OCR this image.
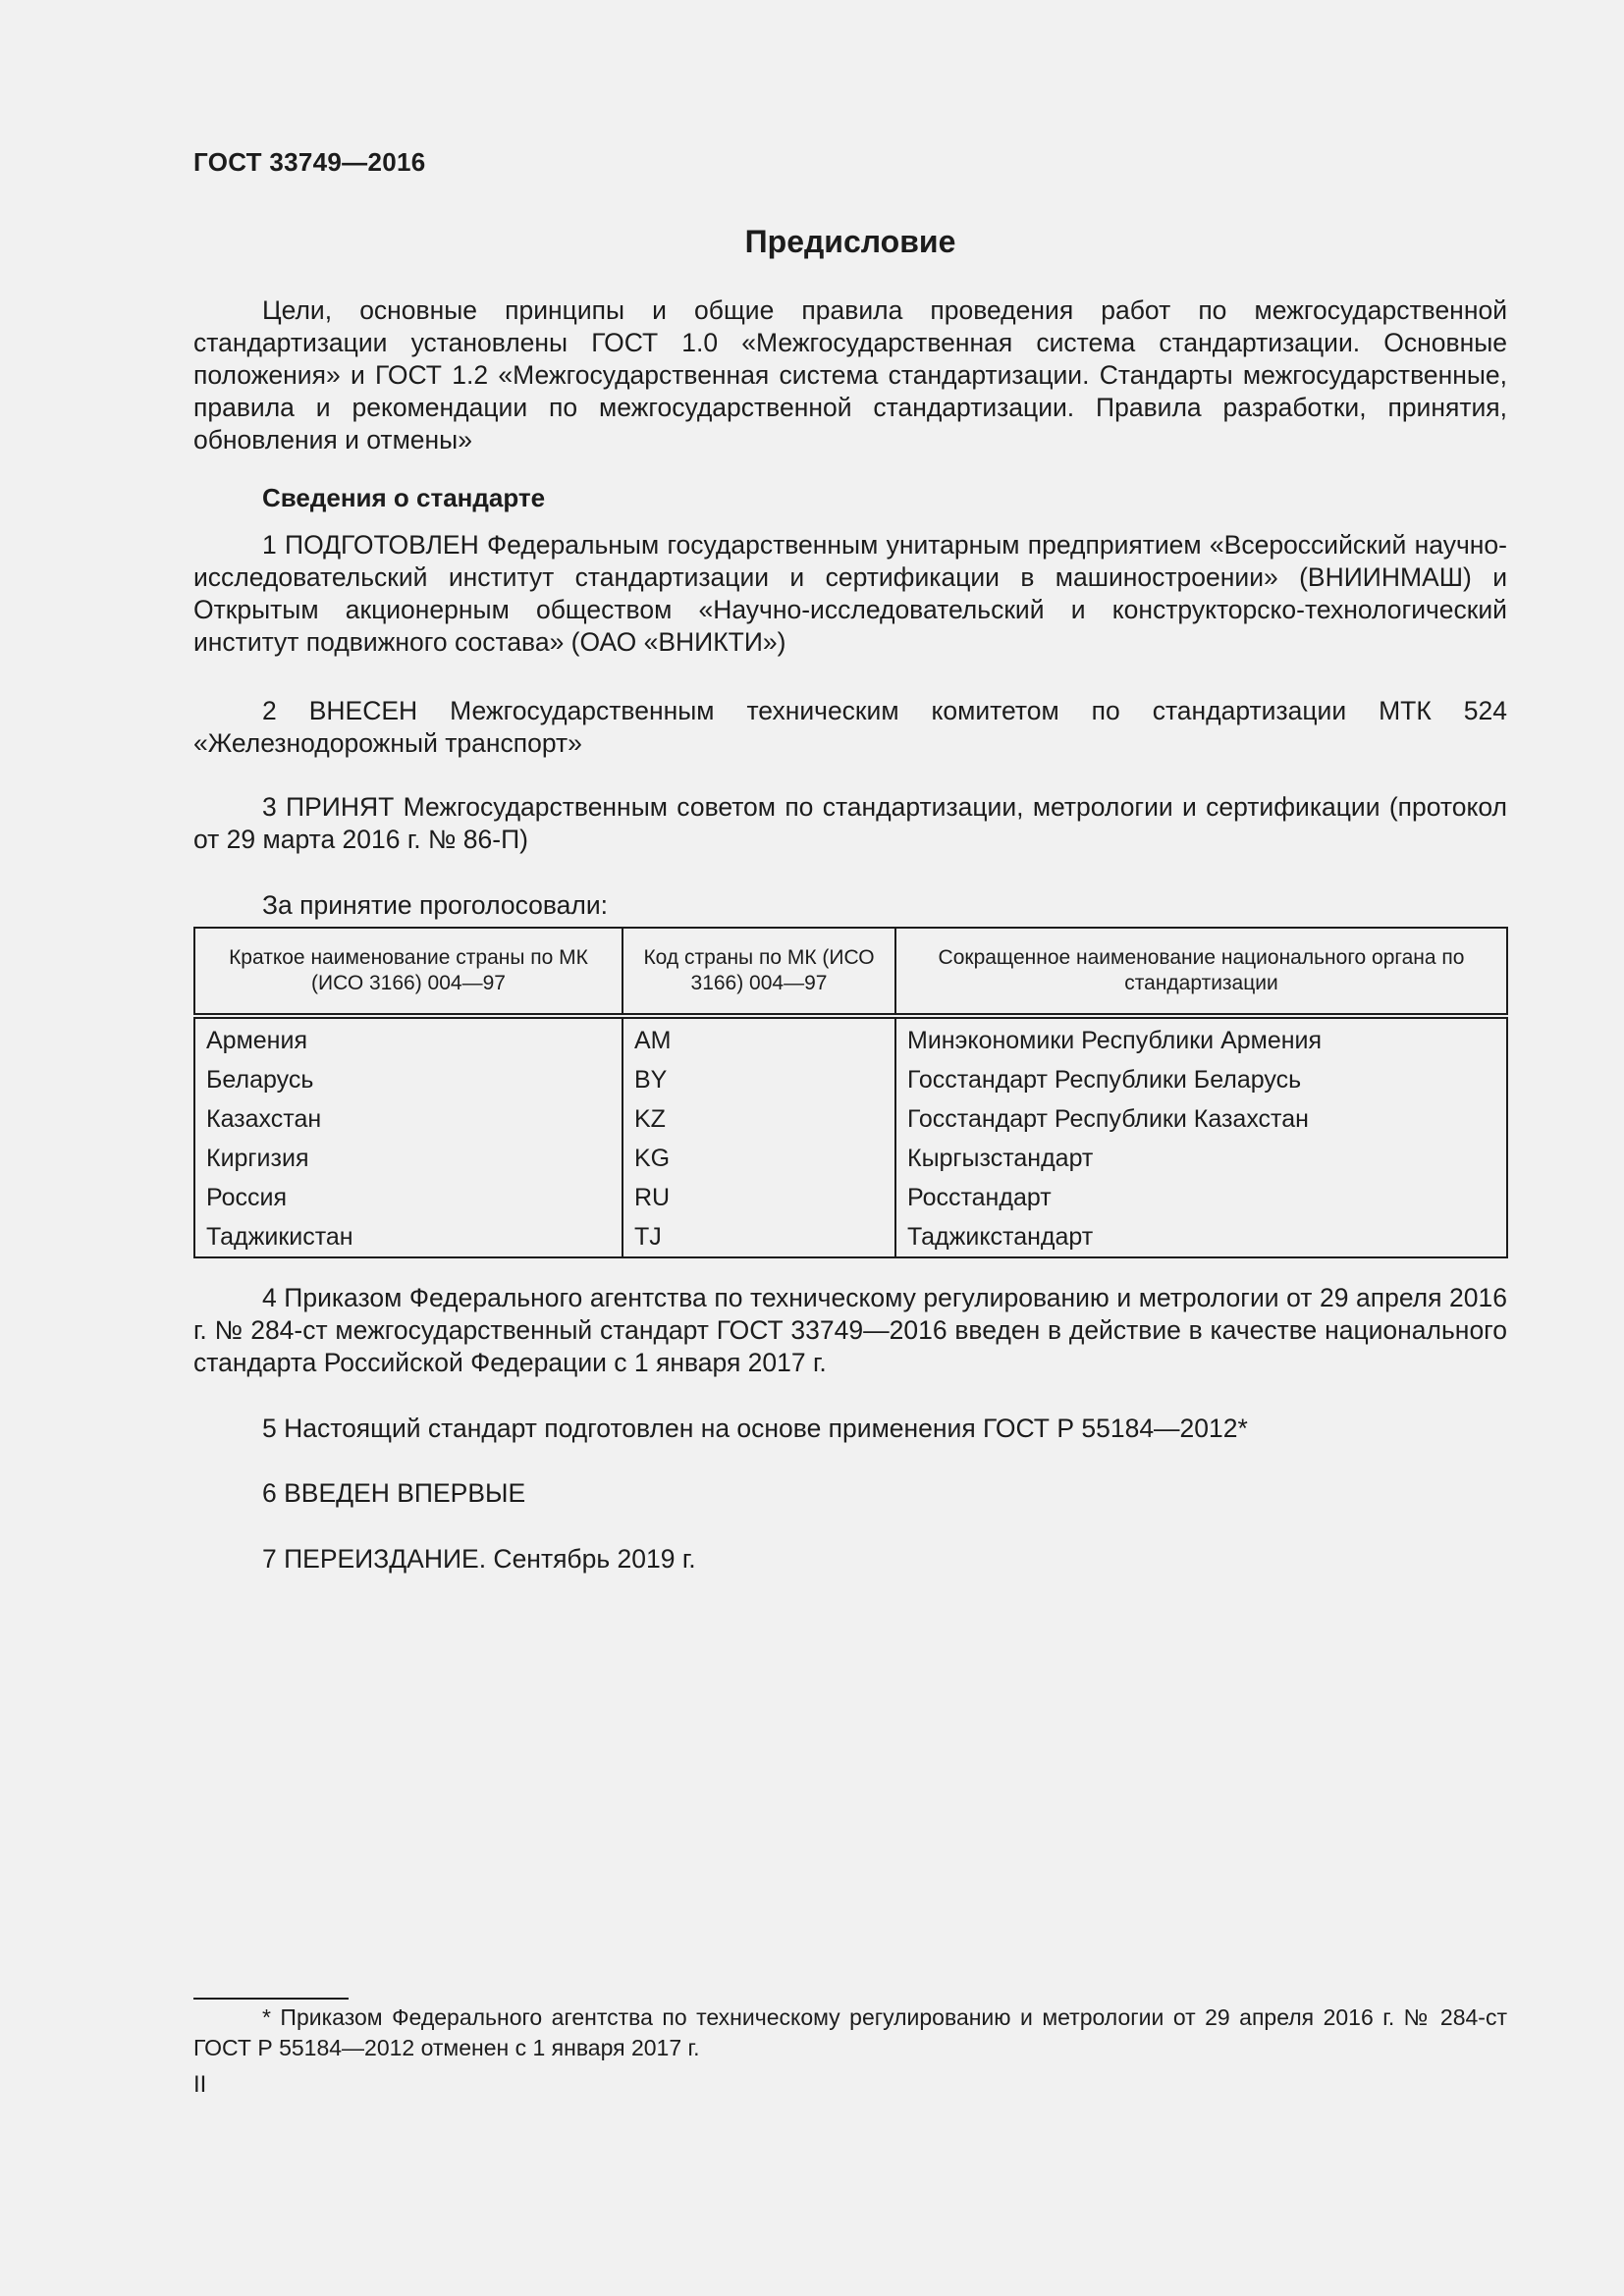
ГОСТ 33749—2016
Предисловие
Цели, основные принципы и общие правила проведения работ по межгосударственной стандартизации установлены ГОСТ 1.0 «Межгосударственная система стандартизации. Основные положения» и ГОСТ 1.2 «Межгосударственная система стандартизации. Стандарты межгосударственные, правила и рекомендации по межгосударственной стандартизации. Правила разработки, принятия, обновления и отмены»
Сведения о стандарте
1 ПОДГОТОВЛЕН Федеральным государственным унитарным предприятием «Всероссийский научно-исследовательский институт стандартизации и сертификации в машиностроении» (ВНИИНМАШ) и Открытым акционерным обществом «Научно-исследовательский и конструкторско-технологический институт подвижного состава» (ОАО «ВНИКТИ»)
2 ВНЕСЕН Межгосударственным техническим комитетом по стандартизации МТК 524 «Железнодорожный транспорт»
3 ПРИНЯТ Межгосударственным советом по стандартизации, метрологии и сертификации (протокол от 29 марта 2016 г. № 86-П)
За принятие проголосовали:
Краткое наименование страны по МК (ИСО 3166) 004—97	Код страны по МК (ИСО 3166) 004—97	Сокращенное наименование национального органа по стандартизации
Армения	AM	Минэкономики Республики Армения
Беларусь	BY	Госстандарт Республики Беларусь
Казахстан	KZ	Госстандарт Республики Казахстан
Киргизия	KG	Кыргызстандарт
Россия	RU	Росстандарт
Таджикистан	TJ	Таджикстандарт
4 Приказом Федерального агентства по техническому регулированию и метрологии от 29 апреля 2016 г. № 284-ст межгосударственный стандарт ГОСТ 33749—2016 введен в действие в качестве национального стандарта Российской Федерации с 1 января 2017 г.
5 Настоящий стандарт подготовлен на основе применения ГОСТ Р 55184—2012*
6 ВВЕДЕН ВПЕРВЫЕ
7 ПЕРЕИЗДАНИЕ. Сентябрь 2019 г.
* Приказом Федерального агентства по техническому регулированию и метрологии от 29 апреля 2016 г. № 284-ст ГОСТ Р 55184—2012 отменен с 1 января 2017 г.
II
